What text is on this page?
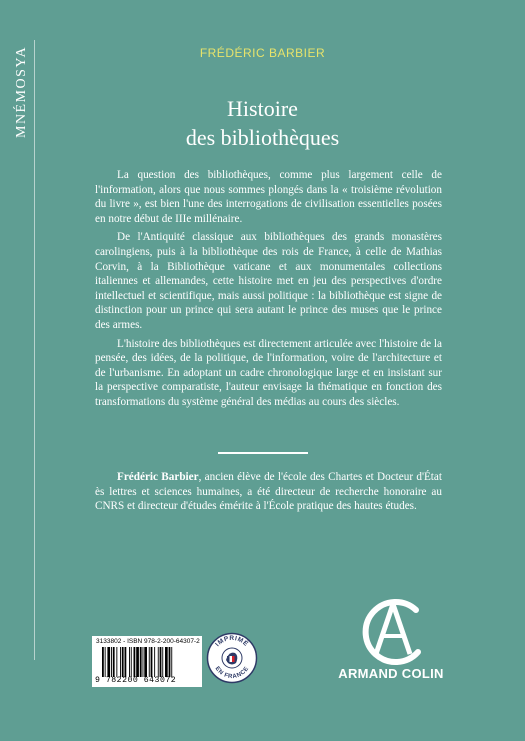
MNÉMOSYA	FRÉDÉRIC BARBIER
Histoire
des bibliothèques

La question des bibliothèques, comme plus largement celle de l'information, alors que nous sommes plongés dans la « troisième révolution du livre », est bien l'une des interrogations de civilisation essentielles posées en notre début de IIIe millénaire.

De l'Antiquité classique aux bibliothèques des grands monastères carolingiens, puis à la bibliothèque des rois de France, à celle de Mathias Corvin, à la Bibliothèque vaticane et aux monumentales collections italiennes et allemandes, cette histoire met en jeu des perspectives d'ordre intellectuel et scientifique, mais aussi politique : la bibliothèque est signe de distinction pour un prince qui sera autant le prince des muses que le prince des armes.

L'histoire des bibliothèques est directement articulée avec l'histoire de la pensée, des idées, de la politique, de l'information, voire de l'architecture et de l'urbanisme. En adoptant un cadre chronologique large et en insistant sur la perspective comparatiste, l'auteur envisage la thématique en fonction des transformations du système général des médias au cours des siècles.

Frédéric Barbier, ancien élève de l'école des Chartes et Docteur d'État ès lettres et sciences humaines, a été directeur de recherche honoraire au CNRS et directeur d'études émérite à l'École pratique des hautes études.

3133802 - ISBN 978-2-200-64307-2
9 782200 643072
IMPRIMÉ
EN FRANCE	ARMAND COLIN
